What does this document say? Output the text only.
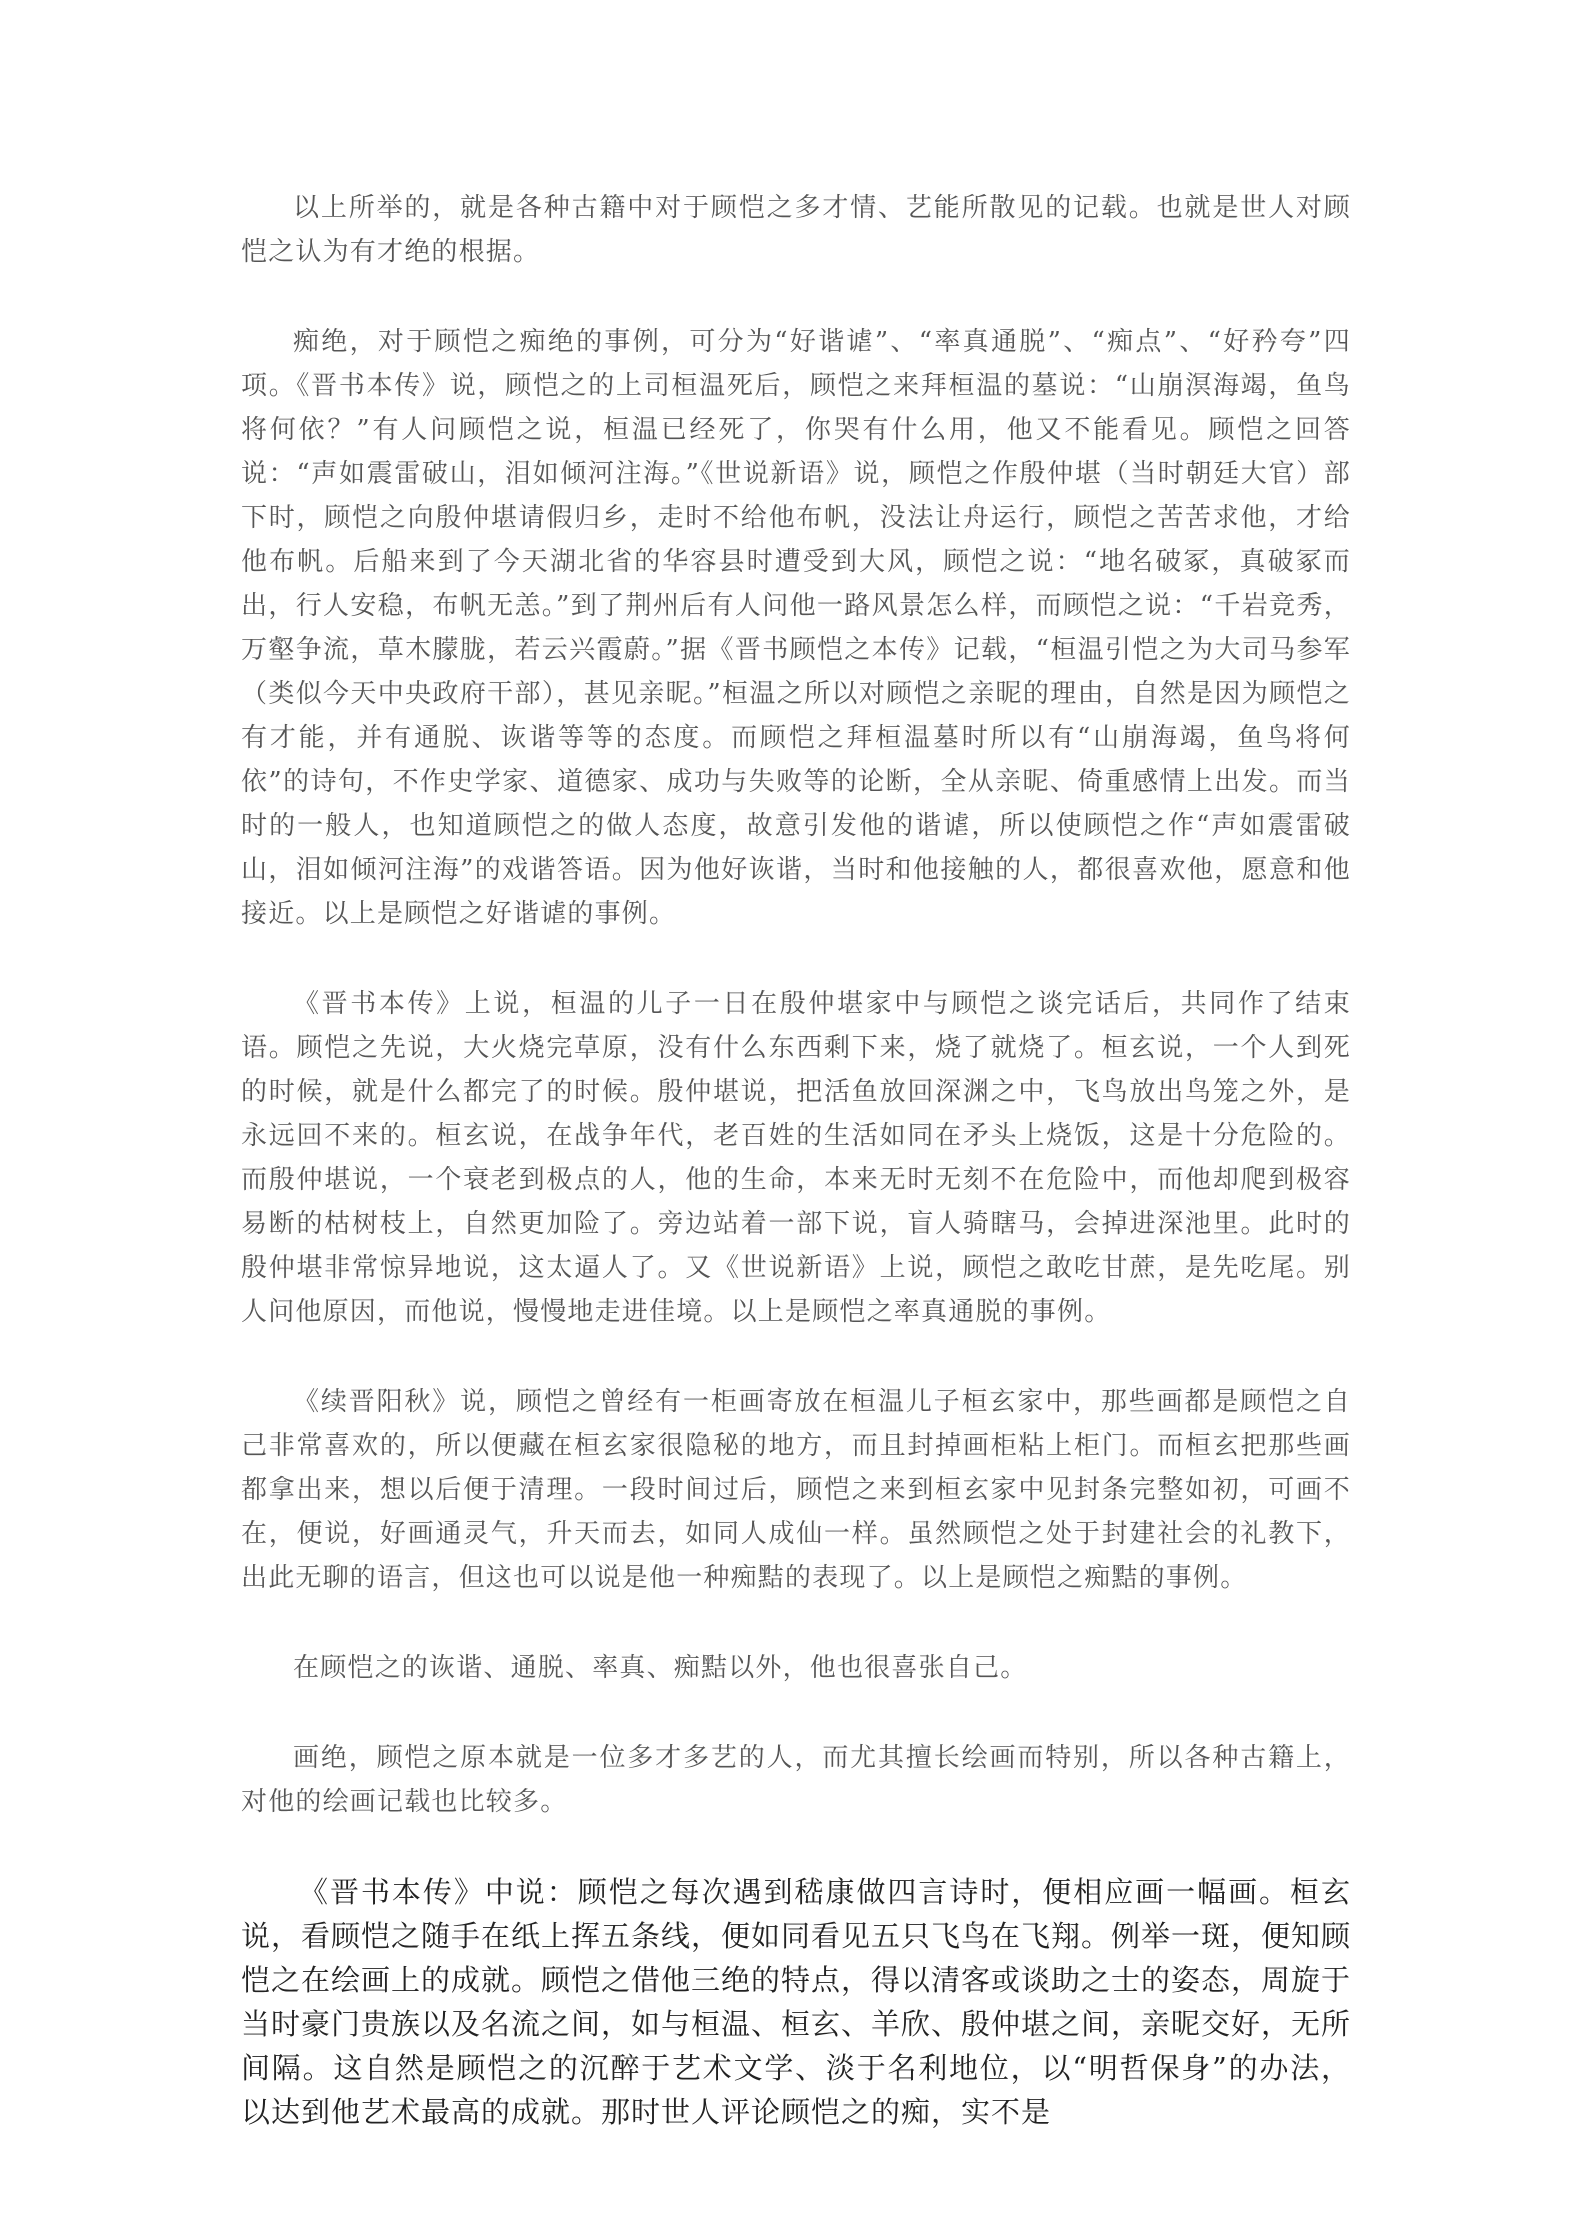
以上所举的，就是各种古籍中对于顾恺之多才情、艺能所散见的记载。也就是世人对顾恺之认为有才绝的根据。

痴绝，对于顾恺之痴绝的事例，可分为“好谐谑”、“率真通脱”、“痴点”、“好矜夸”四项。《晋书本传》说，顾恺之的上司桓温死后，顾恺之来拜桓温的墓说：“山崩溟海竭，鱼鸟将何依？”有人问顾恺之说，桓温已经死了，你哭有什么用，他又不能看见。顾恺之回答说：“声如震雷破山，泪如倾河注海。”《世说新语》说，顾恺之作殷仲堪（当时朝廷大官）部下时，顾恺之向殷仲堪请假归乡，走时不给他布帆，没法让舟运行，顾恺之苦苦求他，才给他布帆。后船来到了今天湖北省的华容县时遭受到大风，顾恺之说：“地名破冢，真破冢而出，行人安稳，布帆无恙。”到了荆州后有人问他一路风景怎么样，而顾恺之说：“千岩竞秀，万壑争流，草木朦胧，若云兴霞蔚。”据《晋书顾恺之本传》记载，“桓温引恺之为大司马参军（类似今天中央政府干部），甚见亲昵。”桓温之所以对顾恺之亲昵的理由，自然是因为顾恺之有才能，并有通脱、诙谐等等的态度。而顾恺之拜桓温墓时所以有“山崩海竭，鱼鸟将何依”的诗句，不作史学家、道德家、成功与失败等的论断，全从亲昵、倚重感情上出发。而当时的一般人，也知道顾恺之的做人态度，故意引发他的谐谑，所以使顾恺之作“声如震雷破山，泪如倾河注海”的戏谐答语。因为他好诙谐，当时和他接触的人，都很喜欢他，愿意和他接近。以上是顾恺之好谐谑的事例。

《晋书本传》上说，桓温的儿子一日在殷仲堪家中与顾恺之谈完话后，共同作了结束语。顾恺之先说，大火烧完草原，没有什么东西剩下来，烧了就烧了。桓玄说，一个人到死的时候，就是什么都完了的时候。殷仲堪说，把活鱼放回深渊之中，飞鸟放出鸟笼之外，是永远回不来的。桓玄说，在战争年代，老百姓的生活如同在矛头上烧饭，这是十分危险的。而殷仲堪说，一个衰老到极点的人，他的生命，本来无时无刻不在危险中，而他却爬到极容易断的枯树枝上，自然更加险了。旁边站着一部下说，盲人骑瞎马，会掉进深池里。此时的殷仲堪非常惊异地说，这太逼人了。又《世说新语》上说，顾恺之敢吃甘蔗，是先吃尾。别人问他原因，而他说，慢慢地走进佳境。以上是顾恺之率真通脱的事例。

《续晋阳秋》说，顾恺之曾经有一柜画寄放在桓温儿子桓玄家中，那些画都是顾恺之自己非常喜欢的，所以便藏在桓玄家很隐秘的地方，而且封掉画柜粘上柜门。而桓玄把那些画都拿出来，想以后便于清理。一段时间过后，顾恺之来到桓玄家中见封条完整如初，可画不在，便说，好画通灵气，升天而去，如同人成仙一样。虽然顾恺之处于封建社会的礼教下，出此无聊的语言，但这也可以说是他一种痴黠的表现了。以上是顾恺之痴黠的事例。

在顾恺之的诙谐、通脱、率真、痴黠以外，他也很喜张自己。

画绝，顾恺之原本就是一位多才多艺的人，而尤其擅长绘画而特别，所以各种古籍上，对他的绘画记载也比较多。

《晋书本传》中说：顾恺之每次遇到嵇康做四言诗时，便相应画一幅画。桓玄说，看顾恺之随手在纸上挥五条线，便如同看见五只飞鸟在飞翔。例举一斑，便知顾恺之在绘画上的成就。顾恺之借他三绝的特点，得以清客或谈助之士的姿态，周旋于当时豪门贵族以及名流之间，如与桓温、桓玄、羊欣、殷仲堪之间，亲昵交好，无所间隔。这自然是顾恺之的沉醉于艺术文学、淡于名利地位，以“明哲保身”的办法，以达到他艺术最高的成就。那时世人评论顾恺之的痴，实不是
